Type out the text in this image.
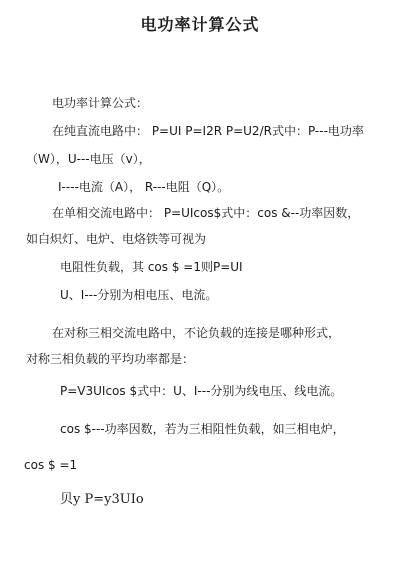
电功率计算公式
电功率计算公式：
在纯直流电路中： P=UI P=I2R P=U2/R式中：P---电功率
（W），U---电压（v），
I----电流（A）， R---电阻（Q）。
在单相交流电路中： P=UIcos$式中：cos &--功率因数，
如白炽灯、电炉、电烙铁等可视为
电阻性负载，其 cos $ =1则P=UI
U、I---分别为相电压、电流。
在对称三相交流电路中，不论负载的连接是哪种形式，
对称三相负载的平均功率都是：
P=V3UIcos $式中：U、I---分别为线电压、线电流。
cos $---功率因数，若为三相阻性负载，如三相电炉，
cos $ =1
贝y P=y3UIo
